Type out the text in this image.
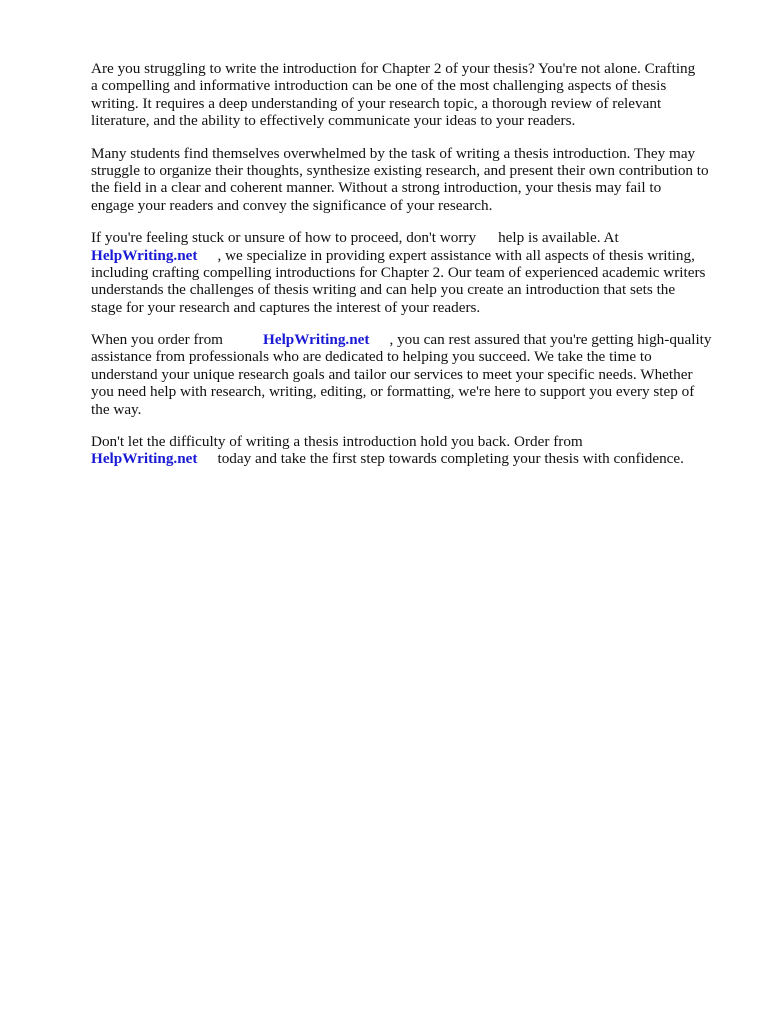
Are you struggling to write the introduction for Chapter 2 of your thesis? You're not alone. Crafting
a compelling and informative introduction can be one of the most challenging aspects of thesis
writing. It requires a deep understanding of your research topic, a thorough review of relevant
literature, and the ability to effectively communicate your ideas to your readers.

Many students find themselves overwhelmed by the task of writing a thesis introduction. They may
struggle to organize their thoughts, synthesize existing research, and present their own contribution to
the field in a clear and coherent manner. Without a strong introduction, your thesis may fail to
engage your readers and convey the significance of your research.

If you're feeling stuck or unsure of how to proceed, don't worry help is available. At
HelpWriting.net , we specialize in providing expert assistance with all aspects of thesis writing,
including crafting compelling introductions for Chapter 2. Our team of experienced academic writers
understands the challenges of thesis writing and can help you create an introduction that sets the
stage for your research and captures the interest of your readers.

When you order from	HelpWriting.net , you can rest assured that you're getting high-quality
assistance from professionals who are dedicated to helping you succeed. We take the time to
understand your unique research goals and tailor our services to meet your specific needs. Whether
you need help with research, writing, editing, or formatting, we're here to support you every step of
the way.

Don't let the difficulty of writing a thesis introduction hold you back. Order from
HelpWriting.net today and take the first step towards completing your thesis with confidence.
